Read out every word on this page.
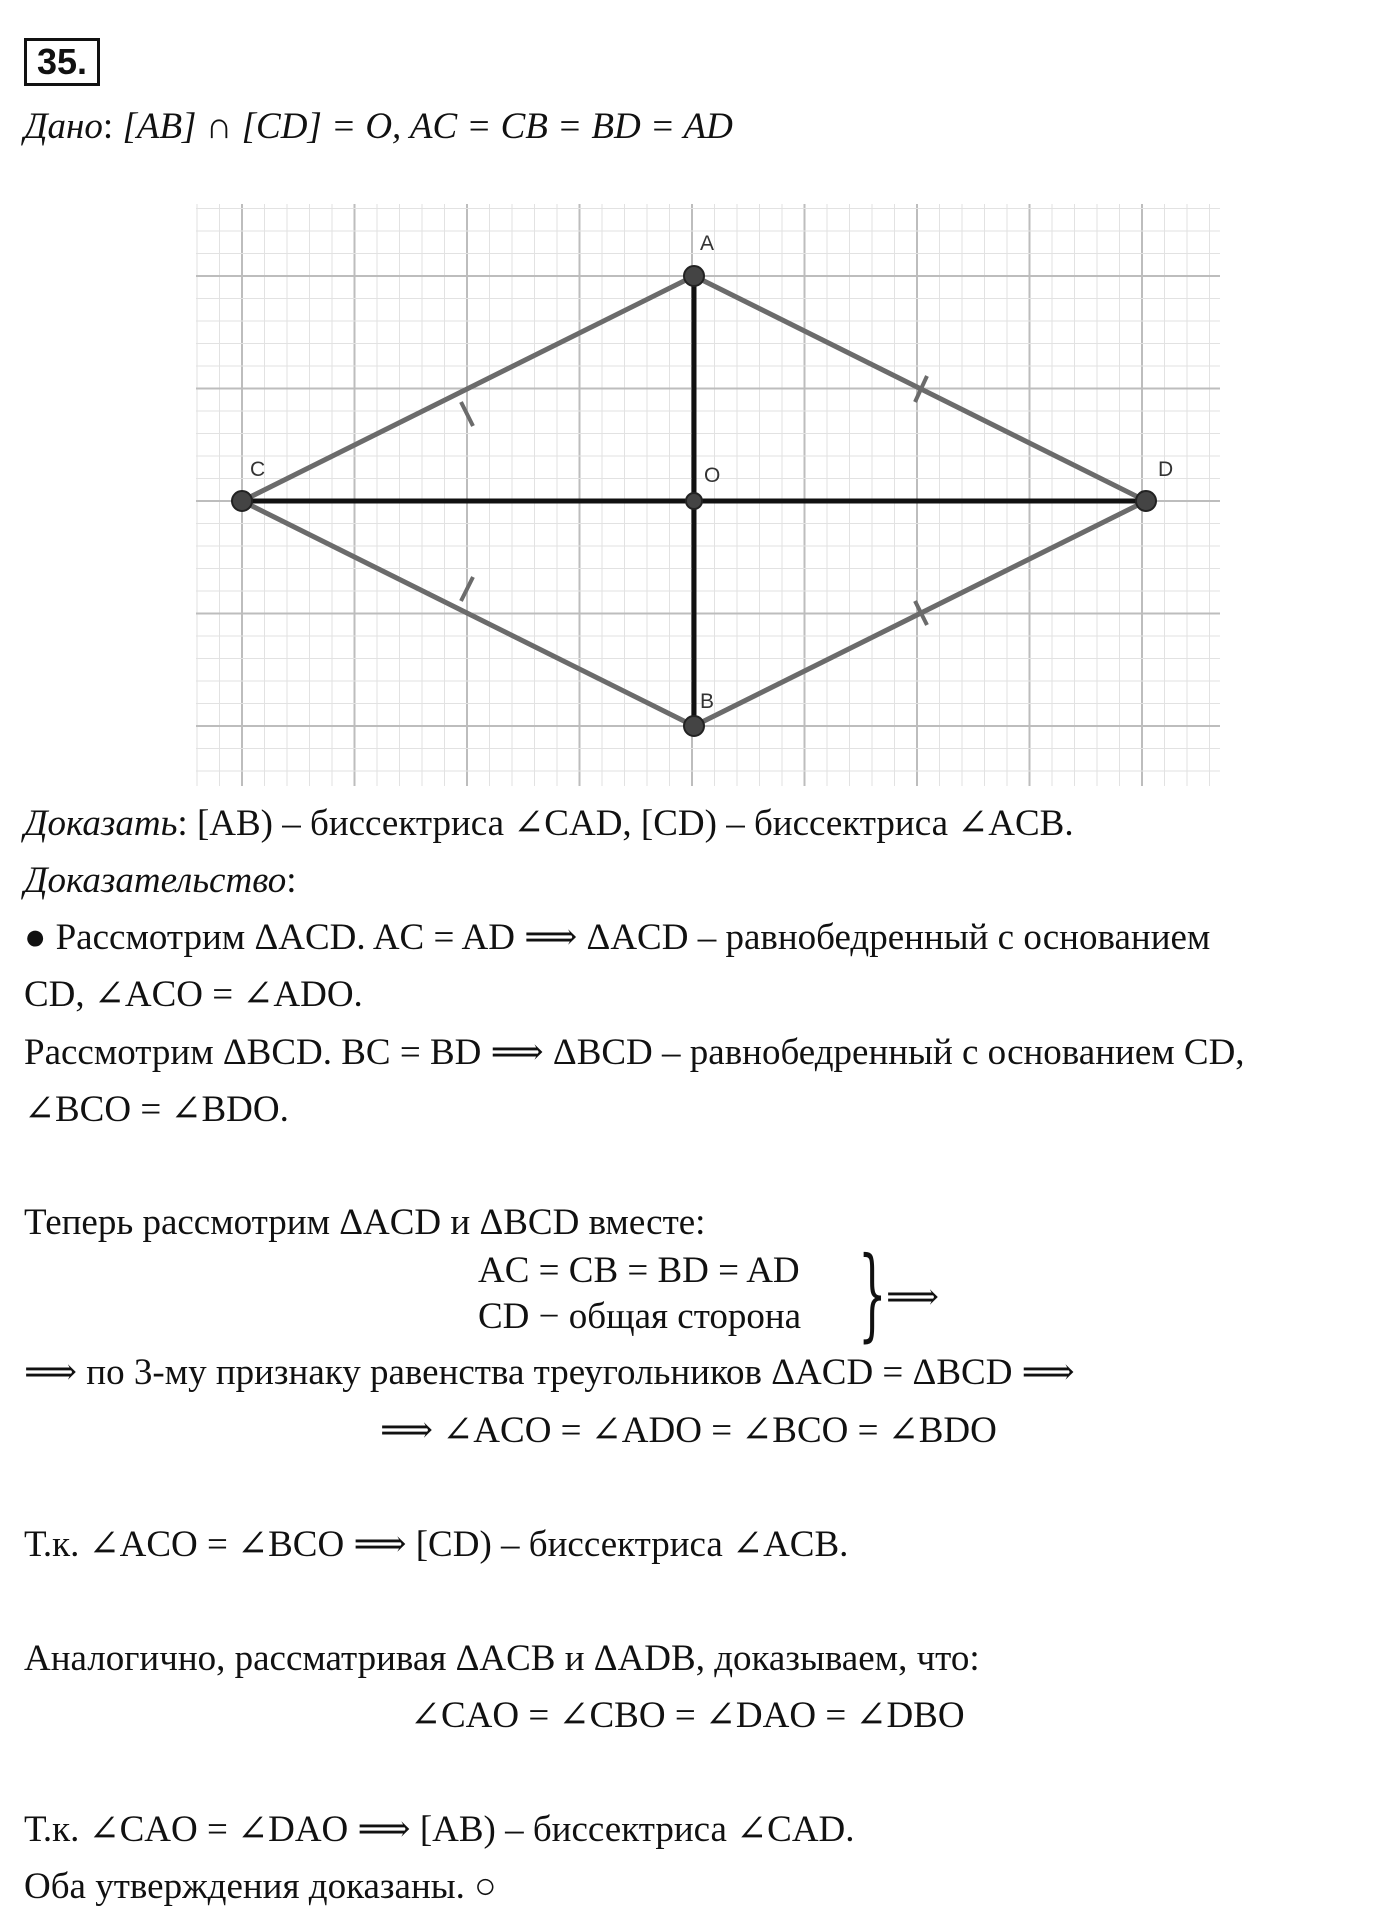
35.
Дано: [AB] ∩ [CD] = O, AC = CB = BD = AD
A
B
C	D
O
Доказать: [AB) – биссектриса ∠CAD, [CD) – биссектриса ∠ACB.
Доказательство:
● Рассмотрим ΔACD. AC = AD ⟹ ΔACD – равнобедренный с основанием
CD, ∠ACO = ∠ADO.
Рассмотрим ΔBCD. BC = BD ⟹ ΔBCD – равнобедренный с основанием CD,
∠BCO = ∠BDO.
Теперь рассмотрим ΔACD и ΔBCD вместе:
AC = CB = BD = AD
CD − общая сторона } ⟹
⟹ по 3-му признаку равенства треугольников ΔACD = ΔBCD ⟹
⟹ ∠ACO = ∠ADO = ∠BCO = ∠BDO
Т.к. ∠ACO = ∠BCO ⟹ [CD) – биссектриса ∠ACB.
Аналогично, рассматривая ΔACB и ΔADB, доказываем, что:
∠CAO = ∠CBO = ∠DAO = ∠DBO
Т.к. ∠CAO = ∠DAO ⟹ [AB) – биссектриса ∠CAD.
Оба утверждения доказаны. ○
